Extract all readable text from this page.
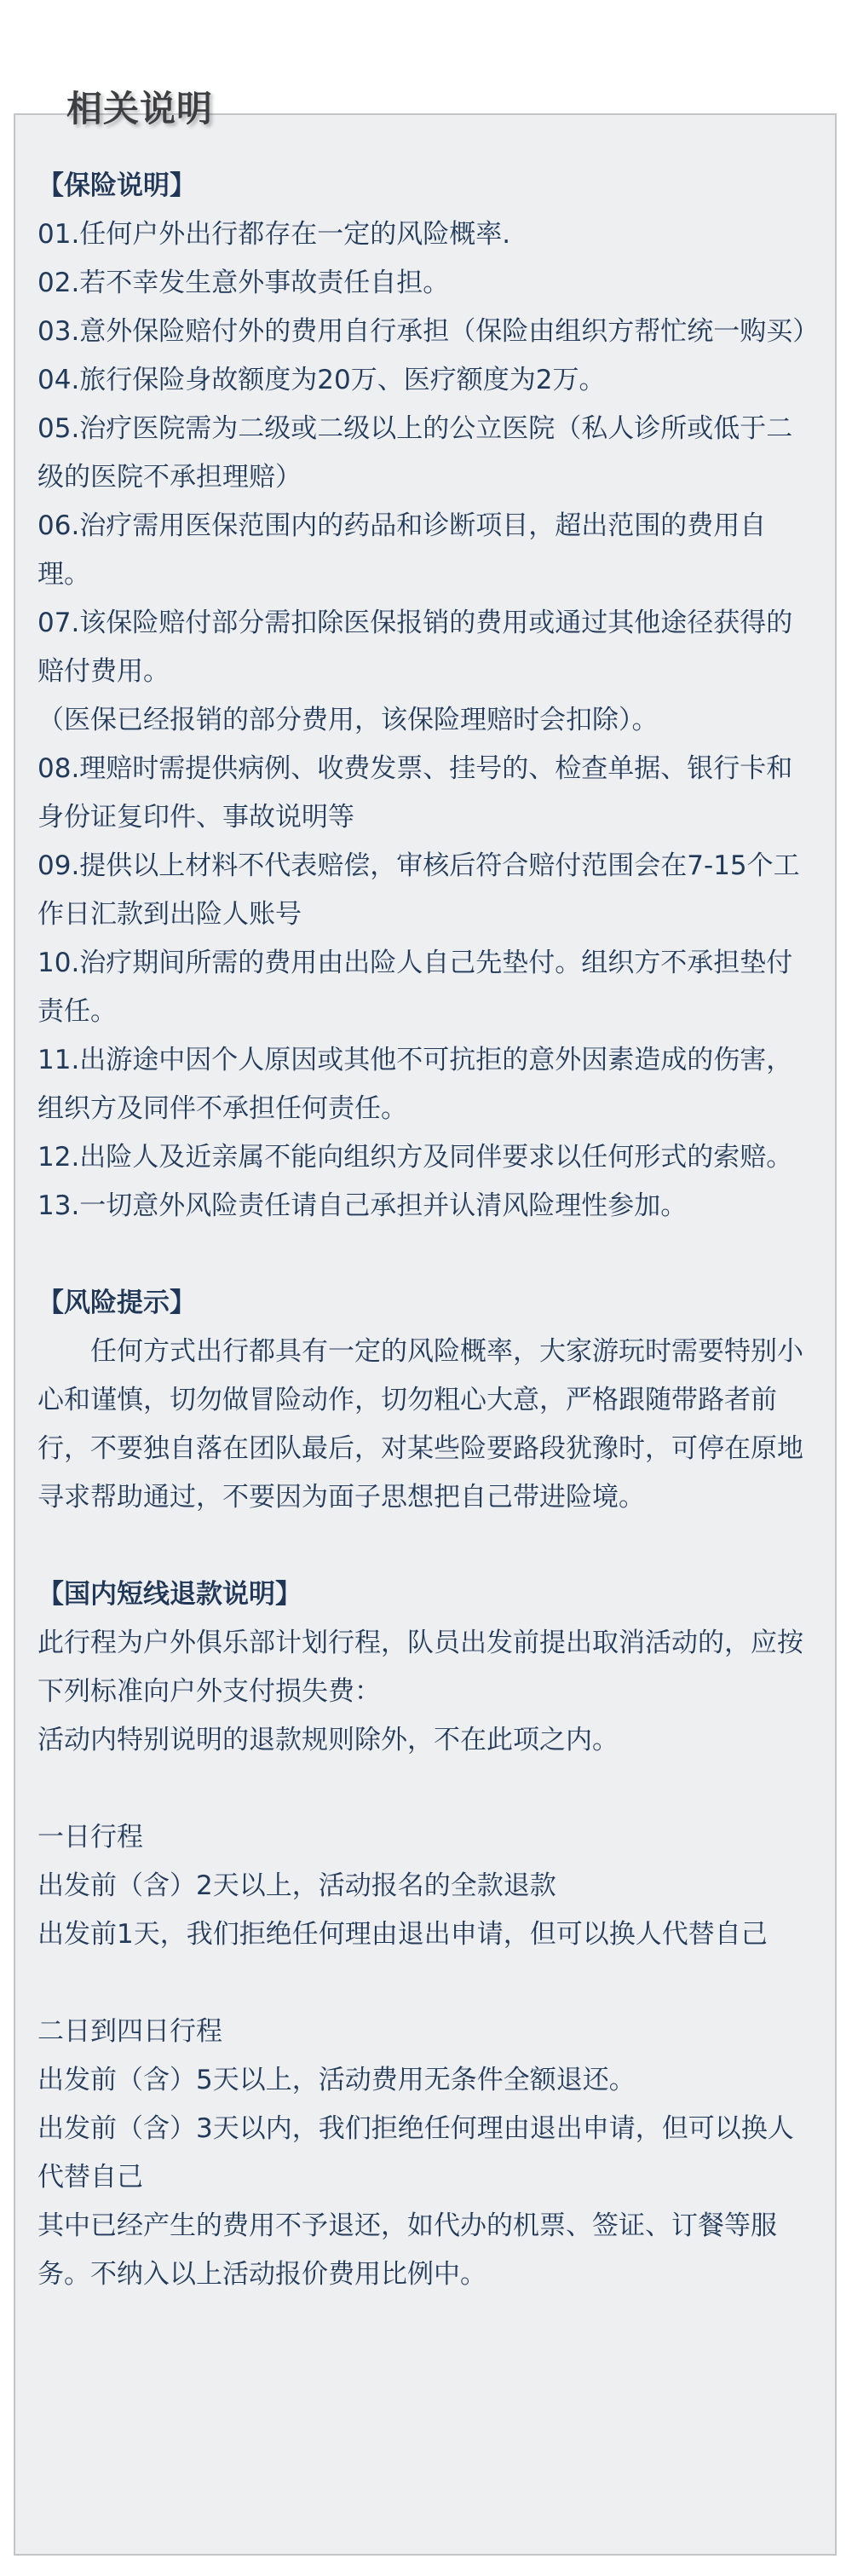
相关说明

【保险说明】

01.任何户外出行都存在一定的风险概率.

02.若不幸发生意外事故责任自担。

03.意外保险赔付外的费用自行承担（保险由组织方帮忙统一购买）

04.旅行保险身故额度为20万、医疗额度为2万。

05.治疗医院需为二级或二级以上的公立医院（私人诊所或低于二级的医院不承担理赔）

06.治疗需用医保范围内的药品和诊断项目，超出范围的费用自理。

07.该保险赔付部分需扣除医保报销的费用或通过其他途径获得的赔付费用。

（医保已经报销的部分费用，该保险理赔时会扣除）。

08.理赔时需提供病例、收费发票、挂号的、检查单据、银行卡和身份证复印件、事故说明等

09.提供以上材料不代表赔偿，审核后符合赔付范围会在7-15个工作日汇款到出险人账号

10.治疗期间所需的费用由出险人自己先垫付。组织方不承担垫付责任。

11.出游途中因个人原因或其他不可抗拒的意外因素造成的伤害，组织方及同伴不承担任何责任。

12.出险人及近亲属不能向组织方及同伴要求以任何形式的索赔。

13.一切意外风险责任请自己承担并认清风险理性参加。

【风险提示】

任何方式出行都具有一定的风险概率，大家游玩时需要特别小心和谨慎，切勿做冒险动作，切勿粗心大意，严格跟随带路者前行，不要独自落在团队最后，对某些险要路段犹豫时，可停在原地寻求帮助通过，不要因为面子思想把自己带进险境。

【国内短线退款说明】

此行程为户外俱乐部计划行程，队员出发前提出取消活动的，应按下列标准向户外支付损失费：

活动内特别说明的退款规则除外，不在此项之内。

一日行程

出发前（含）2天以上，活动报名的全款退款

出发前1天，我们拒绝任何理由退出申请，但可以换人代替自己

二日到四日行程

出发前（含）5天以上，活动费用无条件全额退还。

出发前（含）3天以内，我们拒绝任何理由退出申请，但可以换人代替自己

其中已经产生的费用不予退还，如代办的机票、签证、订餐等服务。不纳入以上活动报价费用比例中。
